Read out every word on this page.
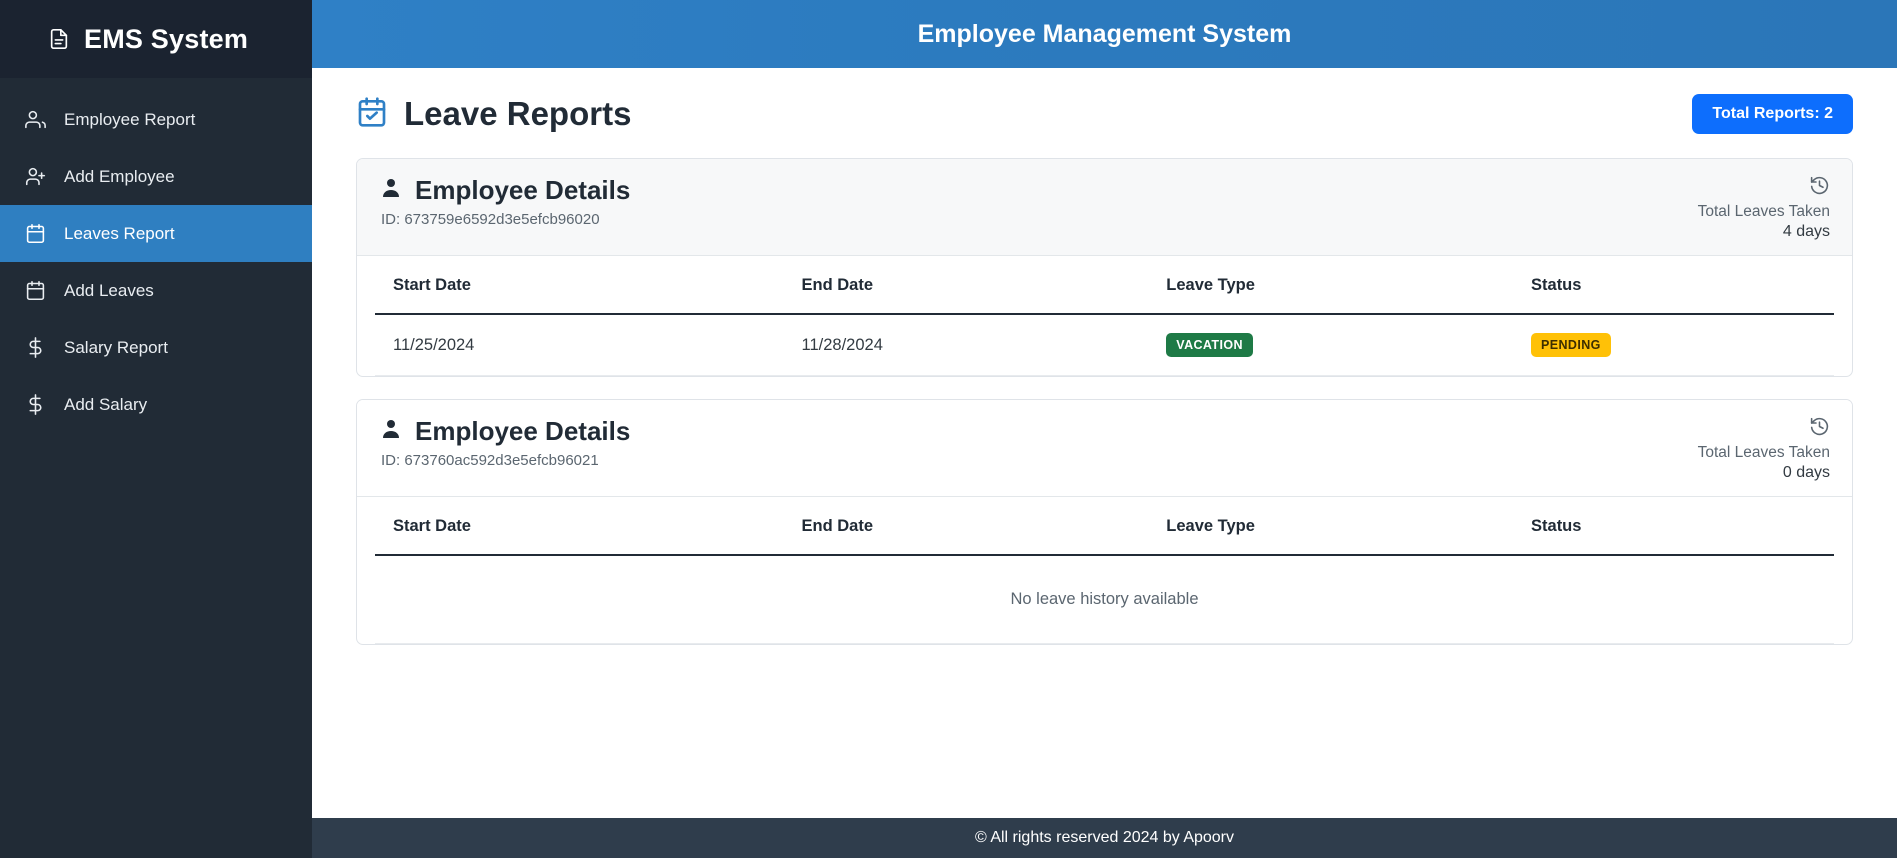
EMS System
Employee Report
Add Employee
Leaves Report
Add Leaves
Salary Report
Add Salary
Employee Management System
Leave Reports	Total Reports: 2
Employee Details
ID: 673759e6592d3e5efcb96020	Total Leaves Taken
4 days
Start Date	End Date	Leave Type	Status
11/25/2024	11/28/2024	VACATION	PENDING
Employee Details
ID: 673760ac592d3e5efcb96021	Total Leaves Taken
0 days
Start Date	End Date	Leave Type	Status
No leave history available
© All rights reserved 2024 by Apoorv
